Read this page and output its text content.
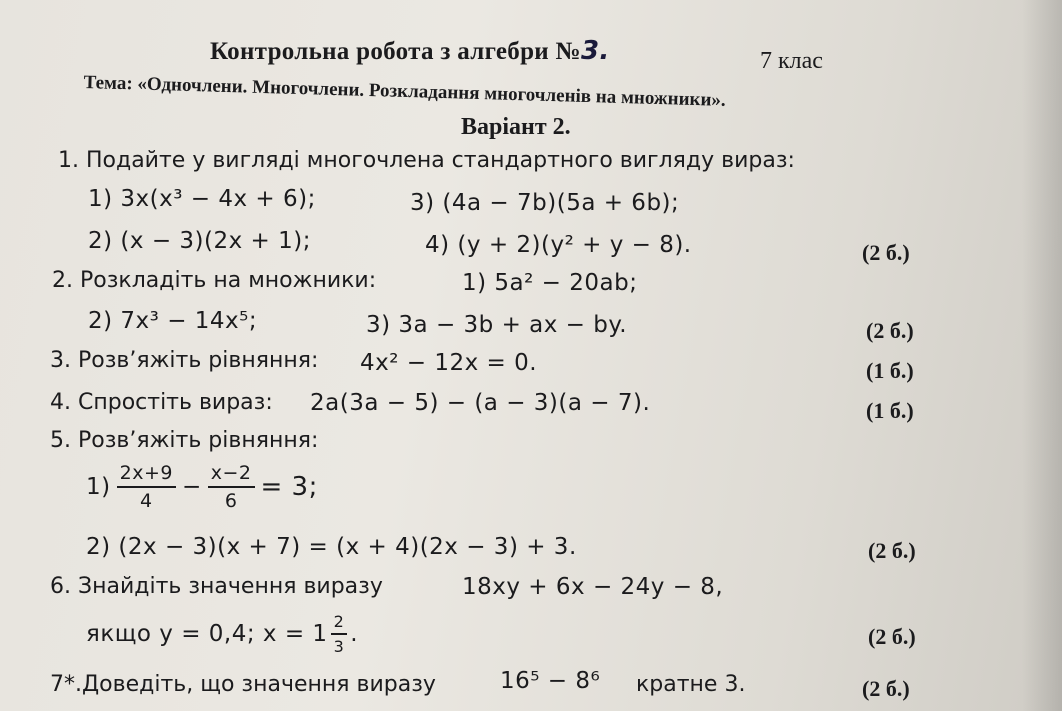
Контрольна робота з алгебри №3.	7 клас
Тема: «Одночлени. Многочлени. Розкладання многочленів на множники».
Варіант 2.
1. Подайте у вигляді многочлена стандартного вигляду вираз:
1) 3x(x³ − 4x + 6);	3) (4a − 7b)(5a + 6b);
2) (x − 3)(2x + 1);	4) (y + 2)(y² + y − 8).	(2 б.)
2. Розкладіть на множники:	1) 5a² − 20ab;
2) 7x³ − 14x⁵;	3) 3a − 3b + ax − by.	(2 б.)
3. Розв’яжіть рівняння: 4x² − 12x = 0.	(1 б.)
4. Спростіть вираз: 2a(3a − 5) − (a − 3)(a − 7).	(1 б.)
5. Розв’яжіть рівняння:
$1) \frac{2x+9}{4} - \frac{x-2}{6} = 3$;
2) (2x − 3)(x + 7) = (x + 4)(2x − 3) + 3.	(2 б.)
6. Знайдіть значення виразу	18xy + 6x − 24y − 8,
якщо y = 0,4; $x = 1 \frac{2}{3}$ .	(2 б.)
7*.Доведіть, що значення виразу	16⁵ − 8⁶ кратне 3.	(2 б.)
